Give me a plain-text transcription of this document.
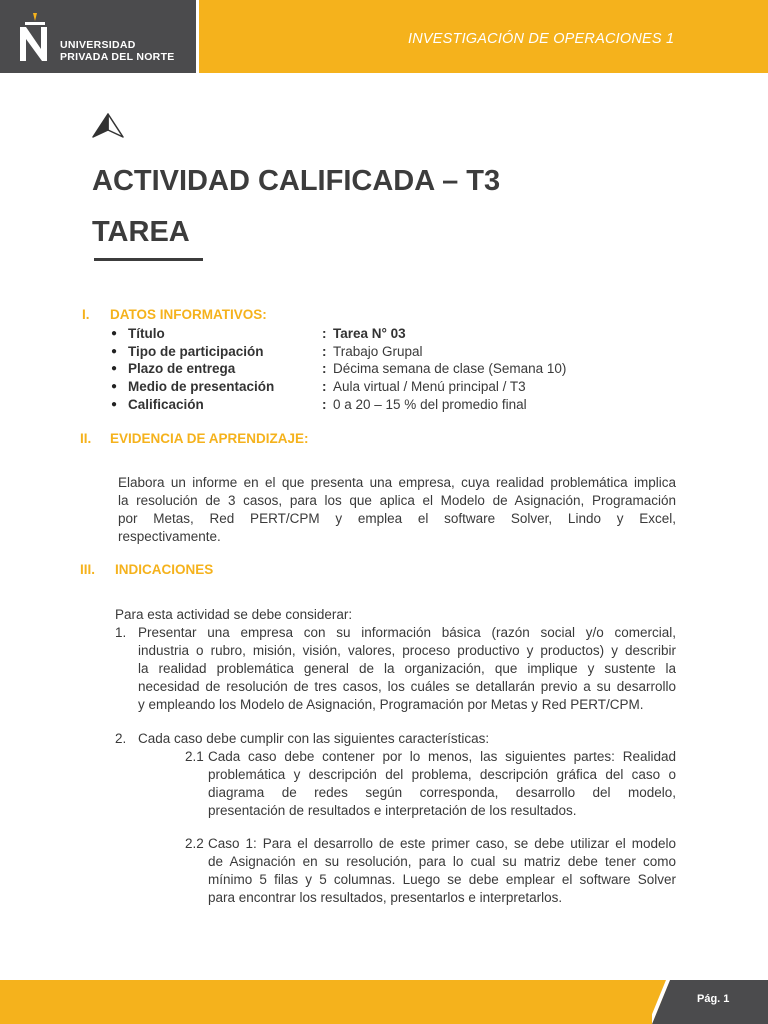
UNIVERSIDAD
PRIVADA DEL NORTE
INVESTIGACIÓN DE OPERACIONES 1
ACTIVIDAD CALIFICADA – T3
TAREA
I. DATOS INFORMATIVOS:
● Título	: Tarea N° 03
● Tipo de participación	: Trabajo Grupal
● Plazo de entrega	: Décima semana de clase (Semana 10)
● Medio de presentación	: Aula virtual / Menú principal / T3
● Calificación	: 0 a 20 – 15 % del promedio final
II. EVIDENCIA DE APRENDIZAJE:
Elabora un informe en el que presenta una empresa, cuya realidad problemática implica
la resolución de 3 casos, para los que aplica el Modelo de Asignación, Programación
por Metas, Red PERT/CPM y emplea el software Solver, Lindo y Excel,
respectivamente.
III. INDICACIONES
Para esta actividad se debe considerar:
1. Presentar una empresa con su información básica (razón social y/o comercial,
industria o rubro, misión, visión, valores, proceso productivo y productos) y describir
la realidad problemática general de la organización, que implique y sustente la
necesidad de resolución de tres casos, los cuáles se detallarán previo a su desarrollo
y empleando los Modelo de Asignación, Programación por Metas y Red PERT/CPM.
2. Cada caso debe cumplir con las siguientes características:
2.1 Cada caso debe contener por lo menos, las siguientes partes: Realidad
problemática y descripción del problema, descripción gráfica del caso o
diagrama de redes según corresponda, desarrollo del modelo,
presentación de resultados e interpretación de los resultados.
2.2 Caso 1: Para el desarrollo de este primer caso, se debe utilizar el modelo
de Asignación en su resolución, para lo cual su matriz debe tener como
mínimo 5 filas y 5 columnas. Luego se debe emplear el software Solver
para encontrar los resultados, presentarlos e interpretarlos.
Pág. 1
